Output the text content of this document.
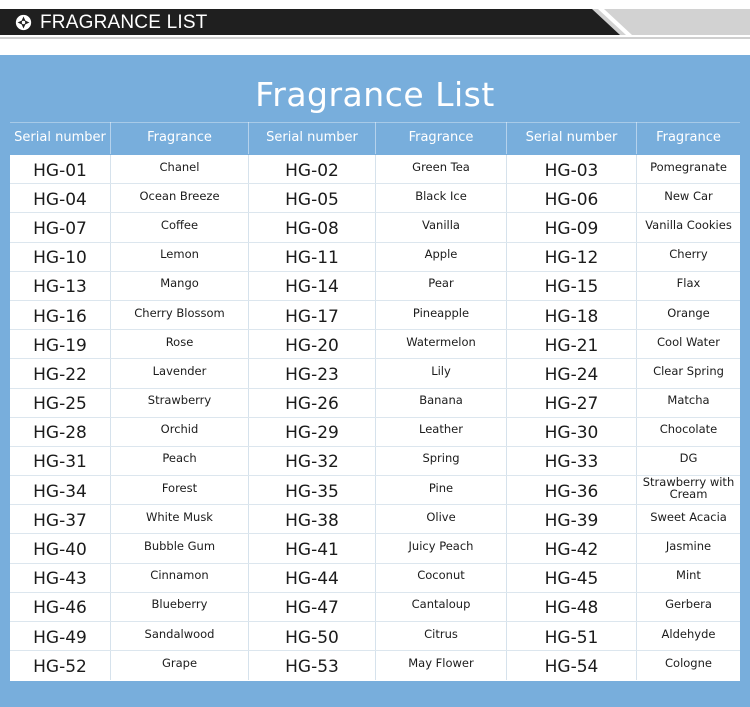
FRAGRANCE LIST
Fragrance List
Serial number	Fragrance	Serial number	Fragrance	Serial number	Fragrance
HG-01	Chanel	HG-02	Green Tea	HG-03	Pomegranate
HG-04	Ocean Breeze	HG-05	Black Ice	HG-06	New Car
HG-07	Coffee	HG-08	Vanilla	HG-09	Vanilla Cookies
HG-10	Lemon	HG-11	Apple	HG-12	Cherry
HG-13	Mango	HG-14	Pear	HG-15	Flax
HG-16	Cherry Blossom	HG-17	Pineapple	HG-18	Orange
HG-19	Rose	HG-20	Watermelon	HG-21	Cool Water
HG-22	Lavender	HG-23	Lily	HG-24	Clear Spring
HG-25	Strawberry	HG-26	Banana	HG-27	Matcha
HG-28	Orchid	HG-29	Leather	HG-30	Chocolate
HG-31	Peach	HG-32	Spring	HG-33	DG
HG-34	Forest	HG-35	Pine	HG-36	Strawberry with Cream
HG-37	White Musk	HG-38	Olive	HG-39	Sweet Acacia
HG-40	Bubble Gum	HG-41	Juicy Peach	HG-42	Jasmine
HG-43	Cinnamon	HG-44	Coconut	HG-45	Mint
HG-46	Blueberry	HG-47	Cantaloup	HG-48	Gerbera
HG-49	Sandalwood	HG-50	Citrus	HG-51	Aldehyde
HG-52	Grape	HG-53	May Flower	HG-54	Cologne
